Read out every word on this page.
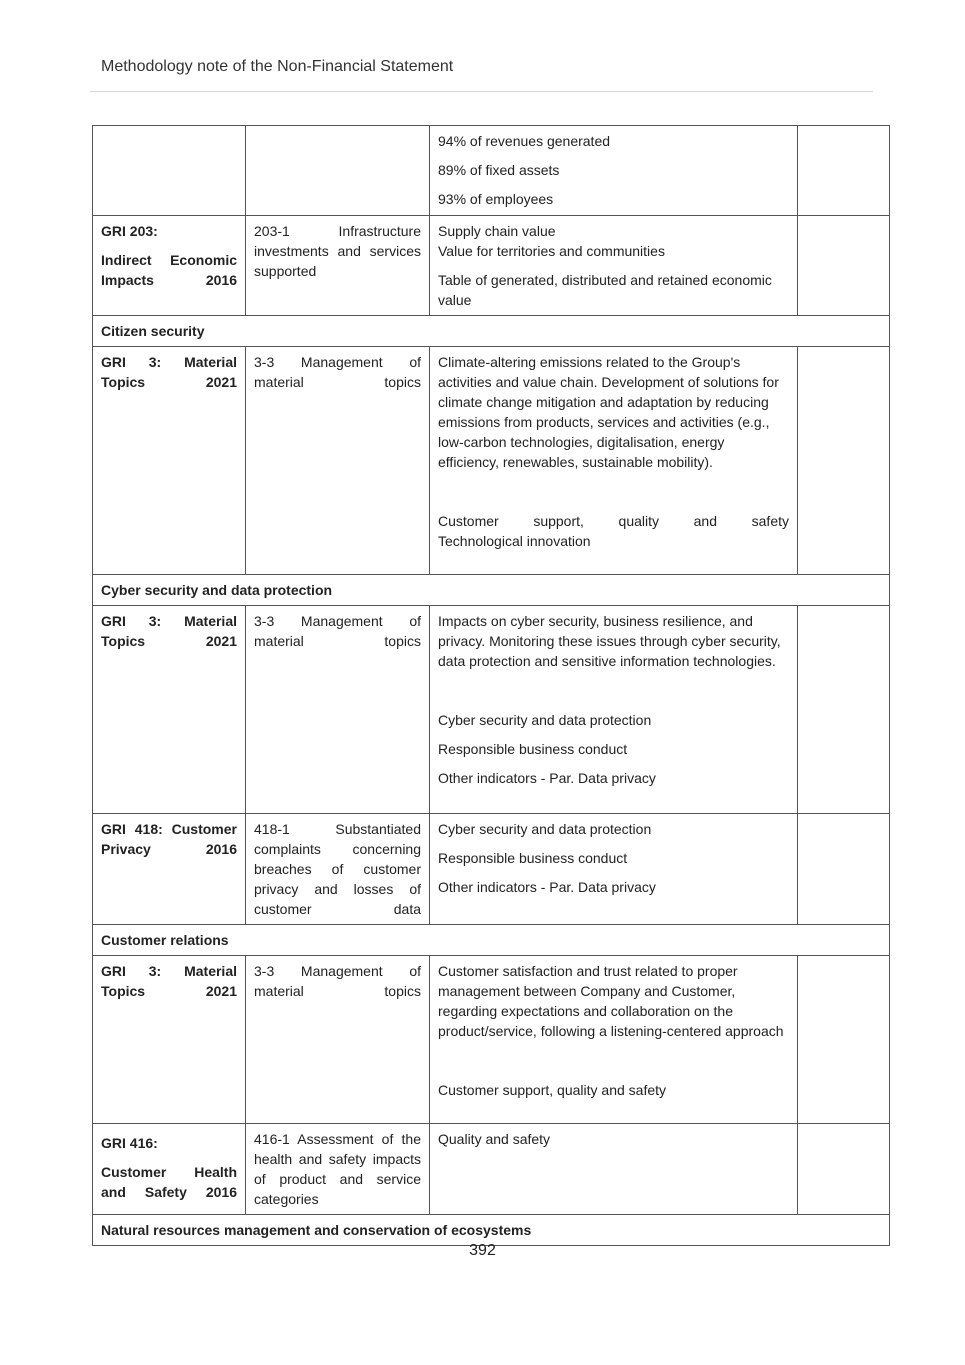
Methodology note of the Non-Financial Statement

		94% of revenues generated
89% of fixed assets
93% of employees	

GRI 203:
Indirect Economic Impacts 2016	203-1 Infrastructure investments and services supported	Supply chain value
Value for territories and communities
Table of generated, distributed and retained economic value	

Citizen security			

GRI 3: Material Topics 2021	3-3 Management of material topics	Climate-altering emissions related to the Group's activities and value chain. Development of solutions for climate change mitigation and adaptation by reducing emissions from products, services and activities (e.g., low-carbon technologies, digitalisation, energy efficiency, renewables, sustainable mobility).
Customer support, quality and safety
Technological innovation	

Cyber security and data protection			

GRI 3: Material Topics 2021	3-3 Management of material topics	Impacts on cyber security, business resilience, and privacy. Monitoring these issues through cyber security, data protection and sensitive information technologies.
Cyber security and data protection
Responsible business conduct
Other indicators - Par. Data privacy	

GRI 418: Customer Privacy 2016	418-1 Substantiated complaints concerning breaches of customer privacy and losses of customer data	Cyber security and data protection
Responsible business conduct
Other indicators - Par. Data privacy	

Customer relations			

GRI 3: Material Topics 2021	3-3 Management of material topics	Customer satisfaction and trust related to proper management between Company and Customer, regarding expectations and collaboration on the product/service, following a listening-centered approach
Customer support, quality and safety	

GRI 416:
Customer Health and Safety 2016	416-1 Assessment of the health and safety impacts of product and service categories	Quality and safety	

Natural resources management and conservation of ecosystems			
392
